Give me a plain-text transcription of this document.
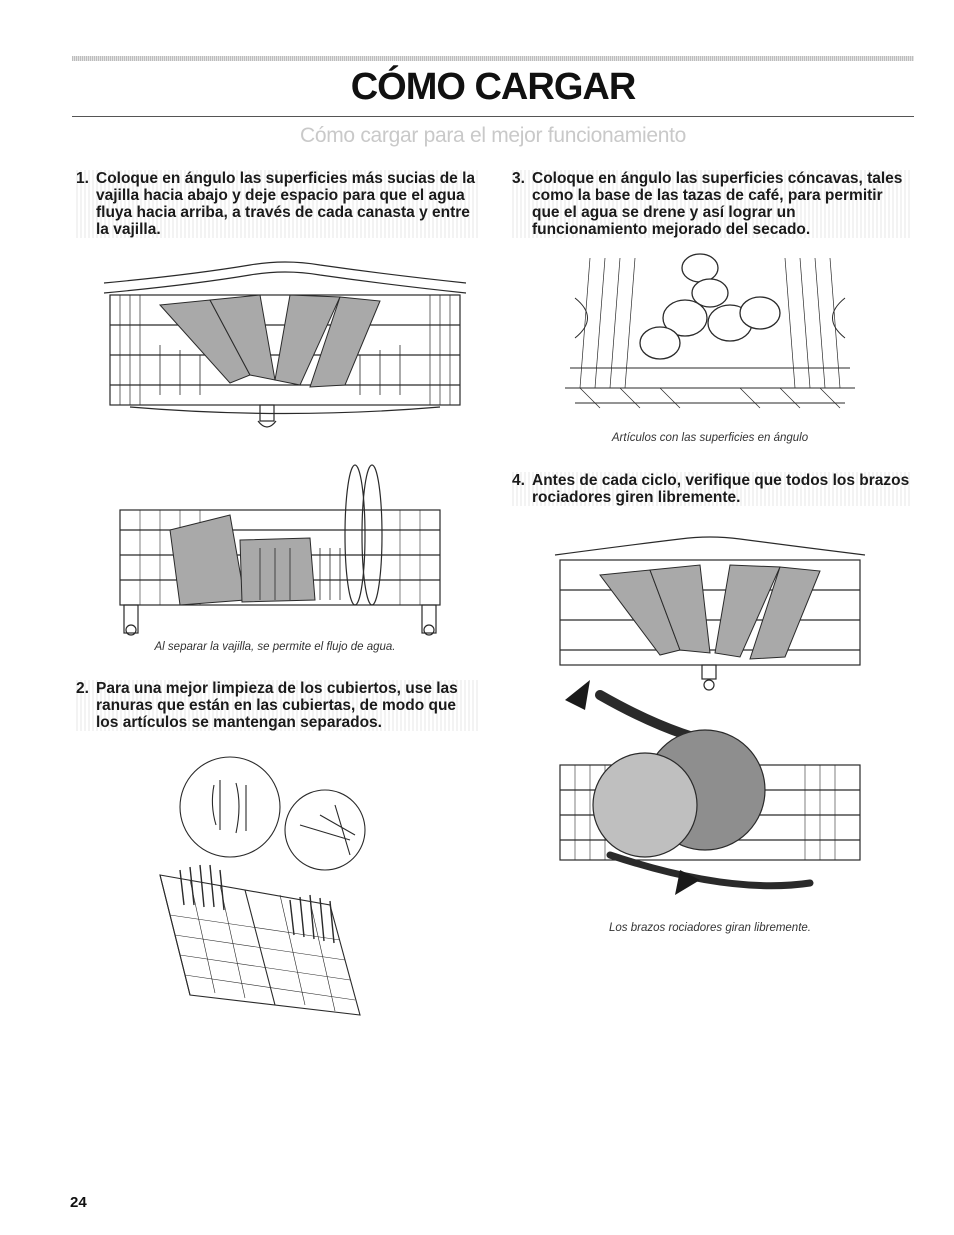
CÓMO CARGAR
Cómo cargar para el mejor funcionamiento
1. Coloque en ángulo las superficies más sucias de la vajilla hacia abajo y deje espacio para que el agua fluya hacia arriba, a través de cada canasta y entre la vajilla.
3. Coloque en ángulo las superficies cóncavas, tales como la base de las tazas de café, para permitir que el agua se drene y así lograr un funcionamiento mejorado del secado.
Al separar la vajilla, se permite el flujo de agua.
2. Para una mejor limpieza de los cubiertos, use las ranuras que están en las cubiertas, de modo que los artículos se mantengan separados.
Artículos con las superficies en ángulo
4. Antes de cada ciclo, verifique que todos los brazos rociadores giren libremente.
Los brazos rociadores giran libremente.
24
